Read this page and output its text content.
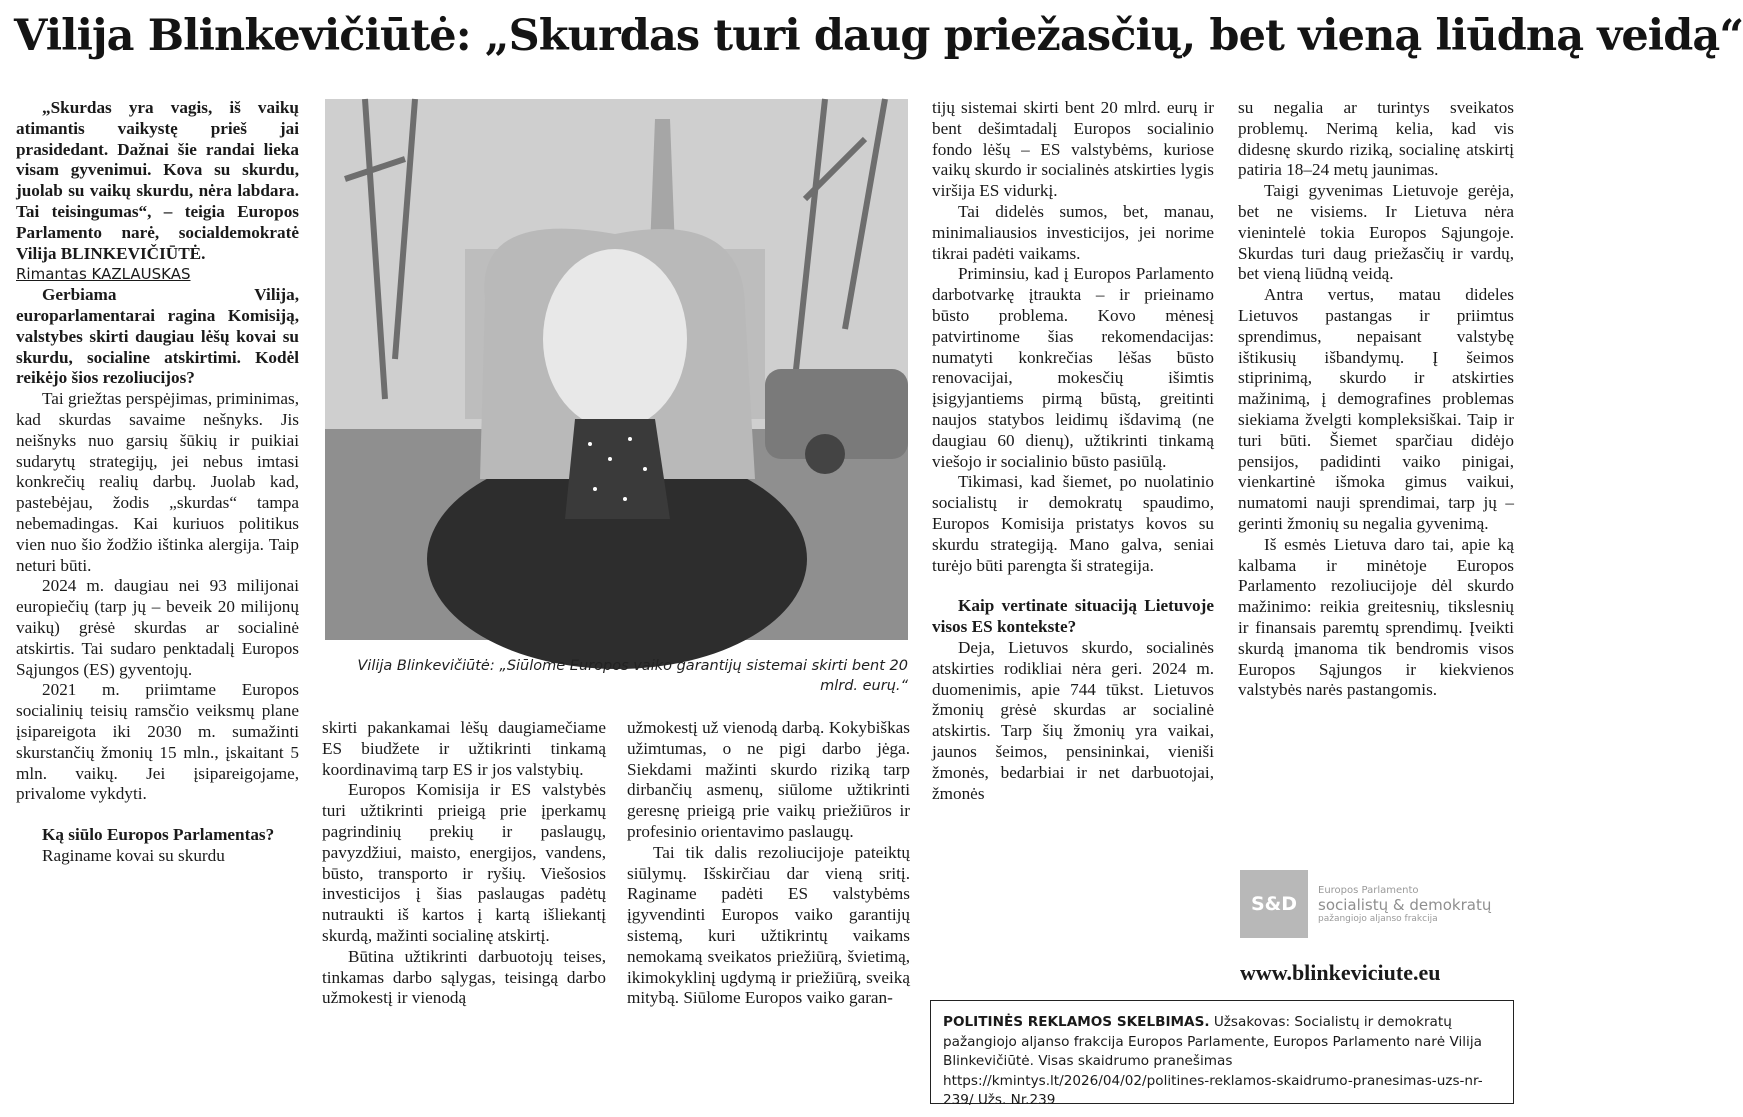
Vilija Blinkevičiūtė: „Skurdas turi daug priežasčių, bet vieną liūdną veidą“

„Skurdas yra vagis, iš vaikų atimantis vaikystę prieš jai prasidedant. Dažnai šie randai lieka visam gyvenimui. Kova su skurdu, juolab su vaikų skurdu, nėra labdara. Tai teisingumas“, – teigia Europos Parlamento narė, socialdemokratė Vilija BLINKEVIČIŪTĖ.

Rimantas KAZLAUSKAS

Gerbiama Vilija, europarlamentarai ragina Komisiją, valstybes skirti daugiau lėšų kovai su skurdu, socialine atskirtimi. Kodėl reikėjo šios rezoliucijos?

Tai griežtas perspėjimas, priminimas, kad skurdas savaime nešnyks. Jis neišnyks nuo garsių šūkių ir puikiai sudarytų strategijų, jei nebus imtasi konkrečių realių darbų. Juolab kad, pastebėjau, žodis „skurdas“ tampa nebemadingas. Kai kuriuos politikus vien nuo šio žodžio ištinka alergija. Taip neturi būti.

2024 m. daugiau nei 93 milijonai europiečių (tarp jų – beveik 20 milijonų vaikų) grėsė skurdas ar socialinė atskirtis. Tai sudaro penktadalį Europos Sąjungos (ES) gyventojų.

2021 m. priimtame Europos socialinių teisių ramsčio veiksmų plane įsipareigota iki 2030 m. sumažinti skurstančių žmonių 15 mln., įskaitant 5 mln. vaikų. Jei įsipareigojame, privalome vykdyti.

Ką siūlo Europos Parlamentas?

Raginame kovai su skurdu

Vilija Blinkevičiūtė: „Siūlome Europos vaiko garantijų sistemai skirti bent 20 mlrd. eurų.“

skirti pakankamai lėšų daugiamečiame ES biudžete ir užtikrinti tinkamą koordinavimą tarp ES ir jos valstybių.

Europos Komisija ir ES valstybės turi užtikrinti prieigą prie įperkamų pagrindinių prekių ir paslaugų, pavyzdžiui, maisto, energijos, vandens, būsto, transporto ir ryšių. Viešosios investicijos į šias paslaugas padėtų nutraukti iš kartos į kartą išliekantį skurdą, mažinti socialinę atskirtį.

Būtina užtikrinti darbuotojų teises, tinkamas darbo sąlygas, teisingą darbo užmokestį ir vienodą

užmokestį už vienodą darbą. Kokybiškas užimtumas, o ne pigi darbo jėga. Siekdami mažinti skurdo riziką tarp dirbančių asmenų, siūlome užtikrinti geresnę prieigą prie vaikų priežiūros ir profesinio orientavimo paslaugų.

Tai tik dalis rezoliucijoje pateiktų siūlymų. Išskirčiau dar vieną sritį. Raginame padėti ES valstybėms įgyvendinti Europos vaiko garantijų sistemą, kuri užtikrintų vaikams nemokamą sveikatos priežiūrą, švietimą, ikimokyklinį ugdymą ir priežiūrą, sveiką mitybą. Siūlome Europos vaiko garan-

tijų sistemai skirti bent 20 mlrd. eurų ir bent dešimtadalį Europos socialinio fondo lėšų – ES valstybėms, kuriose vaikų skurdo ir socialinės atskirties lygis viršija ES vidurkį.

Tai didelės sumos, bet, manau, minimaliausios investicijos, jei norime tikrai padėti vaikams.

Priminsiu, kad į Europos Parlamento darbotvarkę įtraukta – ir prieinamo būsto problema. Kovo mėnesį patvirtinome šias rekomendacijas: numatyti konkrečias lėšas būsto renovacijai, mokesčių išimtis įsigyjantiems pirmą būstą, greitinti naujos statybos leidimų išdavimą (ne daugiau 60 dienų), užtikrinti tinkamą viešojo ir socialinio būsto pasiūlą.

Tikimasi, kad šiemet, po nuolatinio socialistų ir demokratų spaudimo, Europos Komisija pristatys kovos su skurdu strategiją. Mano galva, seniai turėjo būti parengta ši strategija.

Kaip vertinate situaciją Lietuvoje visos ES kontekste?

Deja, Lietuvos skurdo, socialinės atskirties rodikliai nėra geri. 2024 m. duomenimis, apie 744 tūkst. Lietuvos žmonių grėsė skurdas ar socialinė atskirtis. Tarp šių žmonių yra vaikai, jaunos šeimos, pensininkai, vieniši žmonės, bedarbiai ir net darbuotojai, žmonės

su negalia ar turintys sveikatos problemų. Nerimą kelia, kad vis didesnę skurdo riziką, socialinę atskirtį patiria 18–24 metų jaunimas.

Taigi gyvenimas Lietuvoje gerėja, bet ne visiems. Ir Lietuva nėra vienintelė tokia Europos Sąjungoje. Skurdas turi daug priežasčių ir vardų, bet vieną liūdną veidą.

Antra vertus, matau dideles Lietuvos pastangas ir priimtus sprendimus, nepaisant valstybę ištikusių išbandymų. Į šeimos stiprinimą, skurdo ir atskirties mažinimą, į demografines problemas siekiama žvelgti kompleksiškai. Taip ir turi būti. Šiemet sparčiau didėjo pensijos, padidinti vaiko pinigai, vienkartinė išmoka gimus vaikui, numatomi nauji sprendimai, tarp jų – gerinti žmonių su negalia gyvenimą.

Iš esmės Lietuva daro tai, apie ką kalbama ir minėtoje Europos Parlamento rezoliucijoje dėl skurdo mažinimo: reikia greitesnių, tikslesnių ir finansais paremtų sprendimų. Įveikti skurdą įmanoma tik bendromis visos Europos Sąjungos ir kiekvienos valstybės narės pastangomis.

S&D
Europos Parlamento
socialistų & demokratų
pažangiojo aljanso frakcija
www.blinkeviciute.eu
POLITINĖS REKLAMOS SKELBIMAS. Užsakovas: Socialistų ir demokratų pažangiojo aljanso frakcija Europos Parlamente, Europos Parlamento narė Vilija Blinkevičiūtė. Visas skaidrumo pranešimas https://kmintys.lt/2026/04/02/politines-reklamos-skaidrumo-pranesimas-uzs-nr-239/ Užs. Nr.239
